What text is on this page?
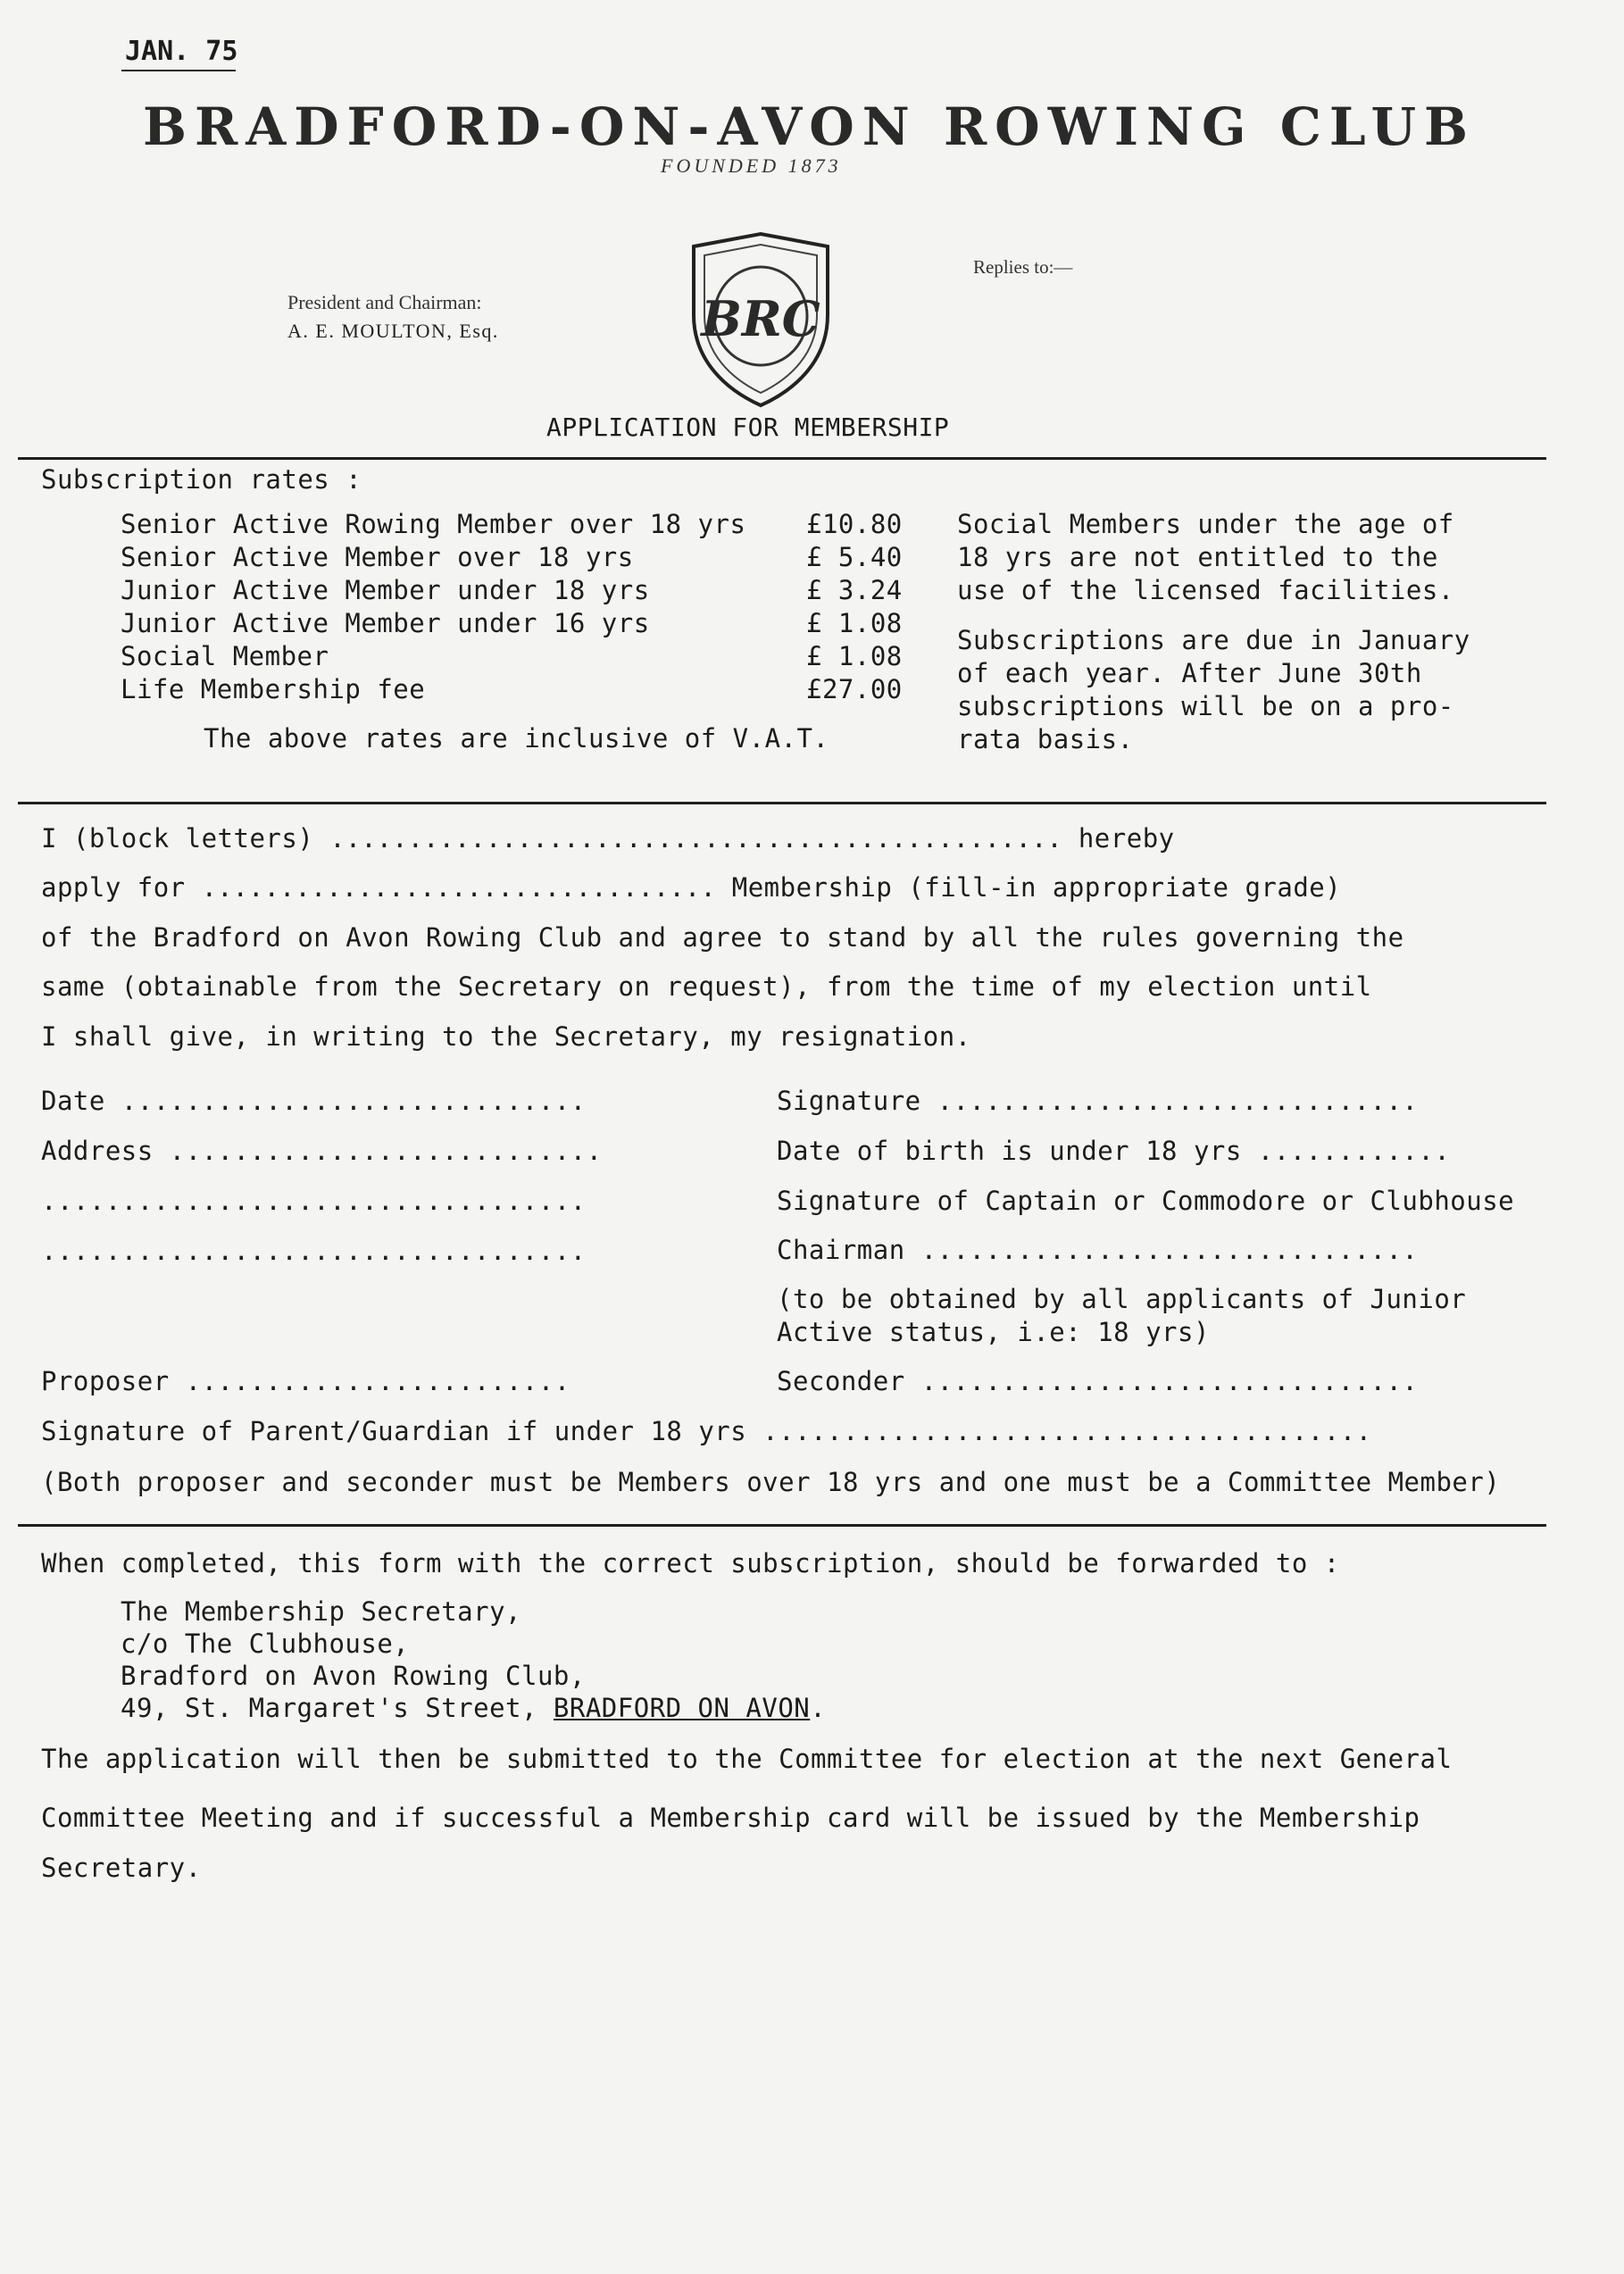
JAN. 75
BRADFORD-ON-AVON ROWING CLUB
FOUNDED 1873
President and Chairman:
A. E. MOULTON, Esq.	BRC
Replies to:—
APPLICATION FOR MEMBERSHIP
Subscription rates :
Senior Active Rowing Member over 18 yrs £10.80
Senior Active Member over 18 yrs	£ 5.40
Junior Active Member under 18 yrs	£ 3.24
Junior Active Member under 16 yrs	£ 1.08
Social Member	£ 1.08
Life Membership fee	£27.00
The above rates are inclusive of V.A.T.
Social Members under the age of
18 yrs are not entitled to the
use of the licensed facilities.
Subscriptions are due in January
of each year. After June 30th
subscriptions will be on a pro-
rata basis.
I (block letters) ............................................... hereby
apply for ................................. Membership (fill-in appropriate grade)
of the Bradford on Avon Rowing Club and agree to stand by all the rules governing the
same (obtainable from the Secretary on request), from the time of my election until
I shall give, in writing to the Secretary, my resignation.
Date .............................
Address ...........................
..................................
..................................
Signature ..............................
Date of birth is under 18 yrs ............
Signature of Captain or Commodore or Clubhouse
Chairman ...............................
(to be obtained by all applicants of Junior
Active status, i.e: 18 yrs)
Proposer ........................	Seconder ...............................
Signature of Parent/Guardian if under 18 yrs ......................................
(Both proposer and seconder must be Members over 18 yrs and one must be a Committee Member)
When completed, this form with the correct subscription, should be forwarded to :
The Membership Secretary,
c/o The Clubhouse,
Bradford on Avon Rowing Club,
49, St. Margaret's Street, BRADFORD ON AVON.
The application will then be submitted to the Committee for election at the next General
Committee Meeting and if successful a Membership card will be issued by the Membership
Secretary.
